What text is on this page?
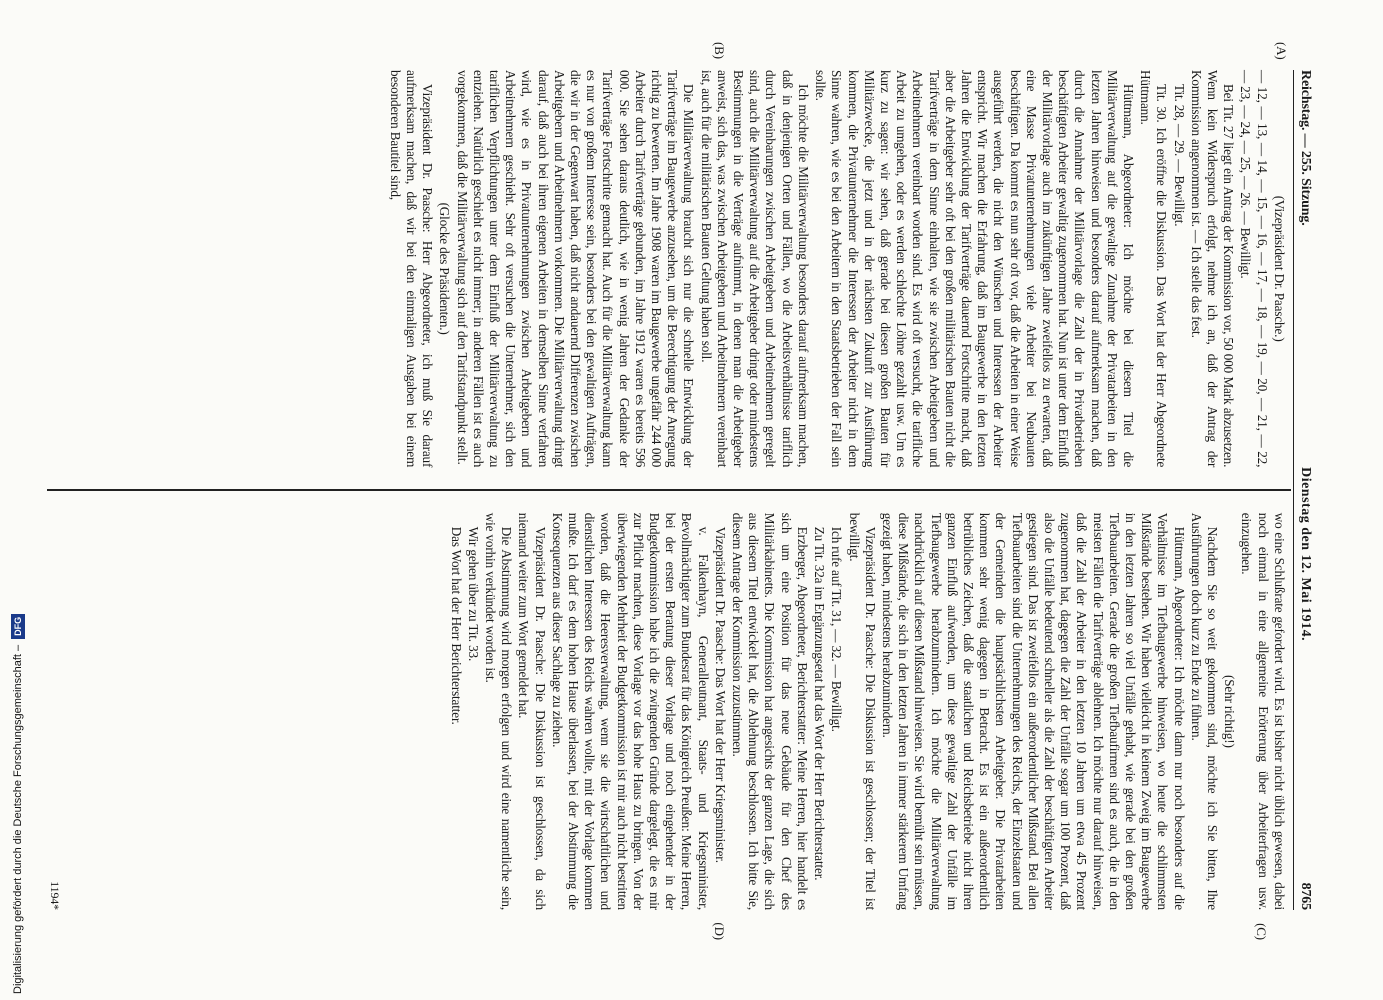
Digitalisierung gefördert durch die Deutsche Forschungsgemeinschaft –
DFG
Reichstag. — 255. Sitzung.
Dienstag den 12. Mai 1914.
8765
(A)
(B)
(C)
(D)

(Vizepräsident Dr. Paasche.)

— 12, — 13, — 14, — 15, — 16, — 17, — 18, — 19, — 20, — 21, — 22, — 23, — 24, — 25, — 26. — Bewilligt.

Bei Tit. 27 liegt ein Antrag der Kommission vor, 50 000 Mark abzusetzen. Wenn kein Widerspruch erfolgt, nehme ich an, daß der Antrag der Kommission angenommen ist. — Ich stelle das fest.

Tit. 28, — 29. — Bewilligt.

Tit. 30. Ich eröffne die Diskussion. Das Wort hat der Herr Abgeordnete Hüttmann.

Hüttmann, Abgeordneter: Ich möchte bei diesem Titel die Militärverwaltung auf die gewaltige Zunahme der Privatarbeiten in den letzten Jahren hinweisen und besonders darauf aufmerksam machen, daß durch die Annahme der Militärvorlage die Zahl der in Privatbetrieben beschäftigten Arbeiter gewaltig zugenommen hat. Nun ist unter dem Einfluß der Militärvorlage auch im zukünftigen Jahre zweifellos zu erwarten, daß eine Masse Privatunternehmungen viele Arbeiter bei Neubauten beschäftigen. Da kommt es nun sehr oft vor, daß die Arbeiten in einer Weise ausgeführt werden, die nicht den Wünschen und Interessen der Arbeiter entspricht. Wir machen die Erfahrung, daß im Baugewerbe in den letzten Jahren die Entwicklung der Tarifverträge dauernd Fortschritte macht, daß aber die Arbeitgeber sehr oft bei den großen militärischen Bauten nicht die Tarifverträge in dem Sinne einhalten, wie sie zwischen Arbeitgebern und Arbeitnehmern vereinbart worden sind. Es wird oft versucht, die tarifliche Arbeit zu umgehen, oder es werden schlechte Löhne gezahlt usw. Um es kurz zu sagen: wir sehen, daß gerade bei diesen großen Bauten für Militärzwecke, die jetzt und in der nächsten Zukunft zur Ausführung kommen, die Privatunternehmer die Interessen der Arbeiter nicht in dem Sinne wahren, wie es bei den Arbeitern in den Staatsbetrieben der Fall sein sollte.

Ich möchte die Militärverwaltung besonders darauf aufmerksam machen, daß in denjenigen Orten und Fällen, wo die Arbeitsverhältnisse tariflich durch Vereinbarungen zwischen Arbeitgebern und Arbeitnehmern geregelt sind, auch die Militärverwaltung auf die Arbeitgeber dringt oder mindestens Bestimmungen in die Verträge aufnimmt, in denen man die Arbeitgeber anweist, sich das, was zwischen Arbeitgebern und Arbeitnehmern vereinbart ist, auch für die militärischen Bauten Geltung haben soll.

Die Militärverwaltung braucht sich nur die schnelle Entwicklung der Tarifverträge im Baugewerbe anzusehen, um die Berechtigung der Anregung richtig zu bewerten. Im Jahre 1908 waren im Baugewerbe ungefähr 244 000 Arbeiter durch Tarifverträge gebunden, im Jahre 1912 waren es bereits 596 000. Sie sehen daraus deutlich, wie in wenig Jahren der Gedanke der Tarifverträge Fortschritte gemacht hat. Auch für die Militärverwaltung kann es nur von großem Interesse sein, besonders bei den gewaltigen Aufträgen, die wir in der Gegenwart haben, daß nicht andauernd Differenzen zwischen Arbeitgebern und Arbeitnehmern vorkommen. Die Militärverwaltung dringt darauf, daß auch bei ihren eigenen Arbeiten in demselben Sinne verfahren wird, wie es in Privatunternehmungen zwischen Arbeitgebern und Arbeitnehmern geschieht. Sehr oft versuchen die Unternehmer, sich den tariflichen Verpflichtungen unter dem Einfluß der Militärverwaltung zu entziehen. Natürlich geschieht es nicht immer; in anderen Fällen ist es auch vorgekommen, daß die Militärverwaltung sich auf den Tarifstandpunkt stellt.

(Glocke des Präsidenten.)

Vizepräsident Dr. Paasche: Herr Abgeordneter, ich muß Sie darauf aufmerksam machen, daß wir bei den einmaligen Ausgaben bei einem besonderen Bautitel sind,

wo eine Schlußrate gefordert wird. Es ist bisher nicht üblich gewesen, dabei noch einmal in eine allgemeine Erörterung über Arbeiterfragen usw. einzugehen.

(Sehr richtig!)

Nachdem Sie so weit gekommen sind, möchte ich Sie bitten, Ihre Ausführungen doch kurz zu Ende zu führen.

Hüttmann, Abgeordneter: Ich möchte dann nur noch besonders auf die Verhältnisse im Tiefbaugewerbe hinweisen, wo heute die schlimmsten Mißstände bestehen. Wir haben vielleicht in keinem Zweig im Baugewerbe in den letzten Jahren so viel Unfälle gehabt, wie gerade bei den großen Tiefbauarbeiten. Gerade die großen Tiefbaufirmen sind es auch, die in den meisten Fällen die Tarifverträge ablehnen. Ich möchte nur darauf hinweisen, daß die Zahl der Arbeiter in den letzten 10 Jahren um etwa 45 Prozent zugenommen hat, dagegen die Zahl der Unfälle sogar um 100 Prozent, daß also die Unfälle bedeutend schneller als die Zahl der beschäftigten Arbeiter gestiegen sind. Das ist zweifellos ein außerordentlicher Mißstand. Bei allen Tiefbauarbeiten sind die Unternehmungen des Reichs, der Einzelstaaten und der Gemeinden die hauptsächlichsten Arbeitgeber. Die Privatarbeiten kommen sehr wenig dagegen in Betracht. Es ist ein außerordentlich betrübliches Zeichen, daß die staatlichen und Reichsbetriebe nicht ihren ganzen Einfluß aufwenden, um diese gewaltige Zahl der Unfälle im Tiefbaugewerbe herabzumindern. Ich möchte die Militärverwaltung nachdrücklich auf diesen Mißstand hinweisen. Sie wird bemüht sein müssen, diese Mißstände, die sich in den letzten Jahren in immer stärkerem Umfang gezeigt haben, mindestens herabzumindern.

Vizepräsident Dr. Paasche: Die Diskussion ist geschlossen; der Titel ist bewilligt.

Ich rufe auf Tit. 31, — 32. — Bewilligt.

Zu Tit. 32a im Ergänzungsetat hat das Wort der Herr Berichterstatter.

Erzberger, Abgeordneter, Berichterstatter: Meine Herren, hier handelt es sich um eine Position für das neue Gebäude für den Chef des Militärkabinetts. Die Kommission hat angesichts der ganzen Lage, die sich aus diesem Titel entwickelt hat, die Ablehnung beschlossen. Ich bitte Sie, diesem Antrage der Kommission zuzustimmen.

Vizepräsident Dr. Paasche: Das Wort hat der Herr Kriegsminister.

v. Falkenhayn, Generalleutnant, Staats- und Kriegsminister, Bevollmächtigter zum Bundesrat für das Königreich Preußen: Meine Herren, bei der ersten Beratung dieser Vorlage und noch eingehender in der Budgetkommission habe ich die zwingenden Gründe dargelegt, die es mir zur Pflicht machten, diese Vorlage vor das hohe Haus zu bringen. Von der überwiegenden Mehrheit der Budgetkommission ist mir auch nicht bestritten worden, daß die Heeresverwaltung, wenn sie die wirtschaftlichen und dienstlichen Interessen des Reichs wahren wollte, mit der Vorlage kommen mußte. Ich darf es dem hohen Hause überlassen, bei der Abstimmung die Konsequenzen aus dieser Sachlage zu ziehen.

Vizepräsident Dr. Paasche: Die Diskussion ist geschlossen, da sich niemand weiter zum Wort gemeldet hat.

Die Abstimmung wird morgen erfolgen und wird eine namentliche sein, wie vorhin verkündet worden ist.

Wir gehen über zu Tit. 33.

Das Wort hat der Herr Berichterstatter.

1194*
